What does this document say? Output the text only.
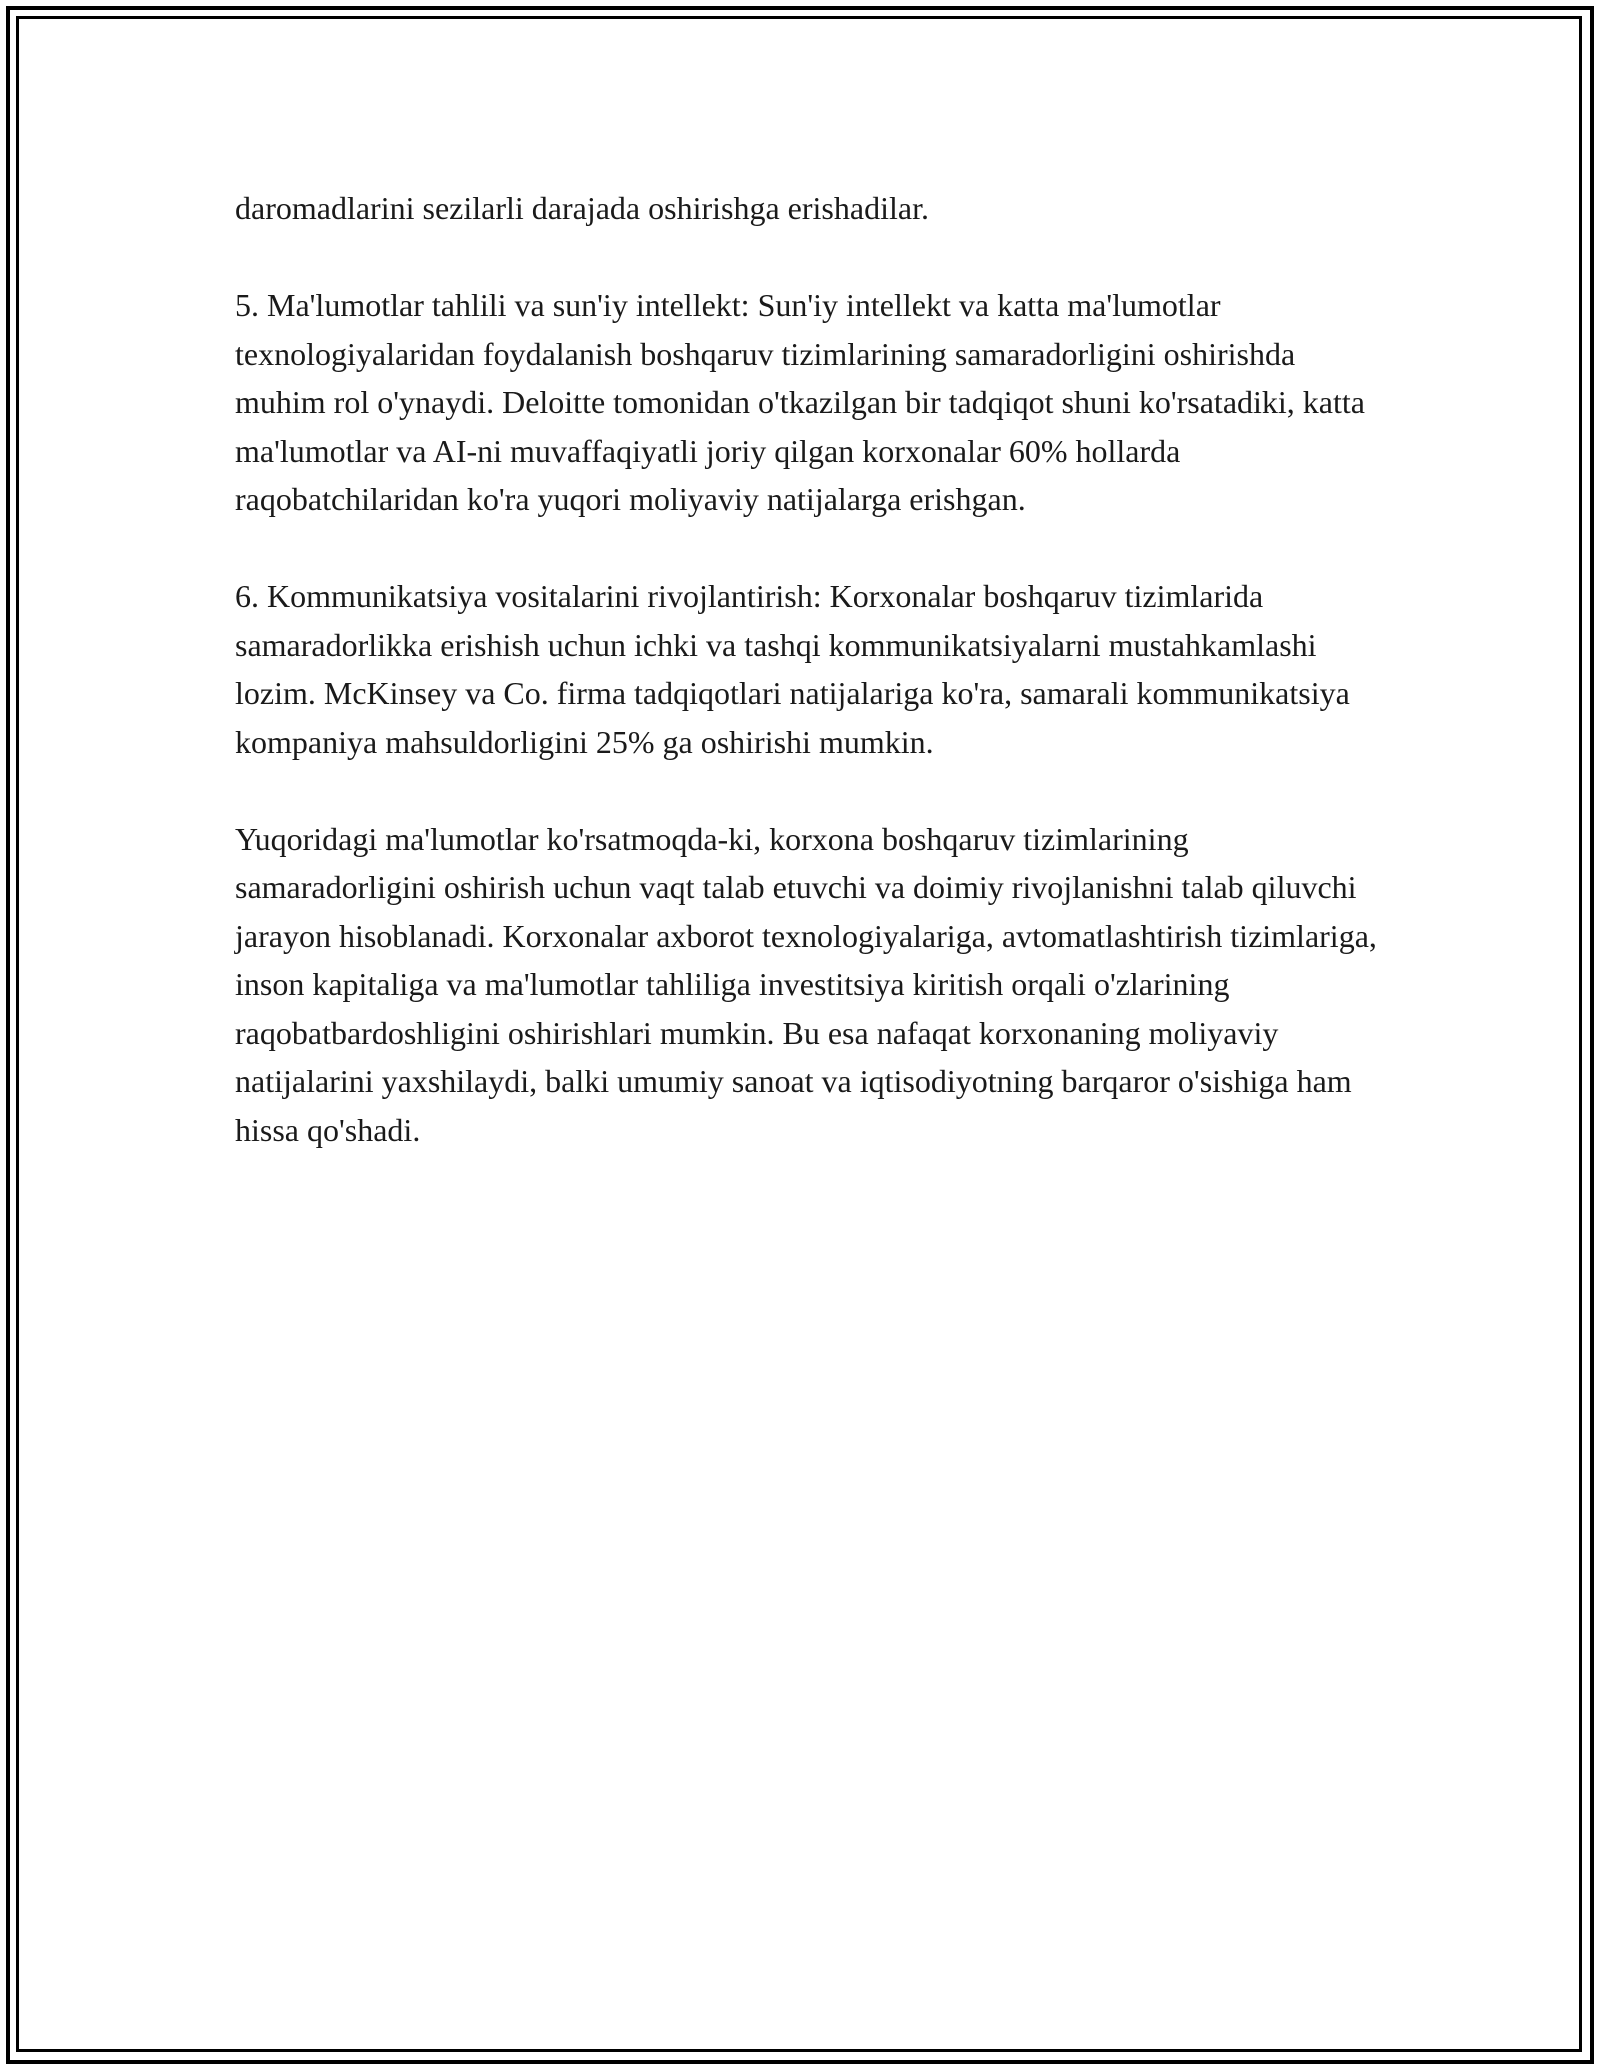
daromadlarini sezilarli darajada oshirishga erishadilar.

5. Ma'lumotlar tahlili va sun'iy intellekt: Sun'iy intellekt va katta ma'lumotlar texnologiyalaridan foydalanish boshqaruv tizimlarining samaradorligini oshirishda muhim rol o'ynaydi. Deloitte tomonidan o'tkazilgan bir tadqiqot shuni ko'rsatadiki, katta ma'lumotlar va AI-ni muvaffaqiyatli joriy qilgan korxonalar 60% hollarda raqobatchilaridan ko'ra yuqori moliyaviy natijalarga erishgan.

6. Kommunikatsiya vositalarini rivojlantirish: Korxonalar boshqaruv tizimlarida samaradorlikka erishish uchun ichki va tashqi kommunikatsiyalarni mustahkamlashi lozim. McKinsey va Co. firma tadqiqotlari natijalariga ko'ra, samarali kommunikatsiya kompaniya mahsuldorligini 25% ga oshirishi mumkin.

Yuqoridagi ma'lumotlar ko'rsatmoqda-ki, korxona boshqaruv tizimlarining samaradorligini oshirish uchun vaqt talab etuvchi va doimiy rivojlanishni talab qiluvchi jarayon hisoblanadi. Korxonalar axborot texnologiyalariga, avtomatlashtirish tizimlariga, inson kapitaliga va ma'lumotlar tahliliga investitsiya kiritish orqali o'zlarining raqobatbardoshligini oshirishlari mumkin. Bu esa nafaqat korxonaning moliyaviy natijalarini yaxshilaydi, balki umumiy sanoat va iqtisodiyotning barqaror o'sishiga ham hissa qo'shadi.
